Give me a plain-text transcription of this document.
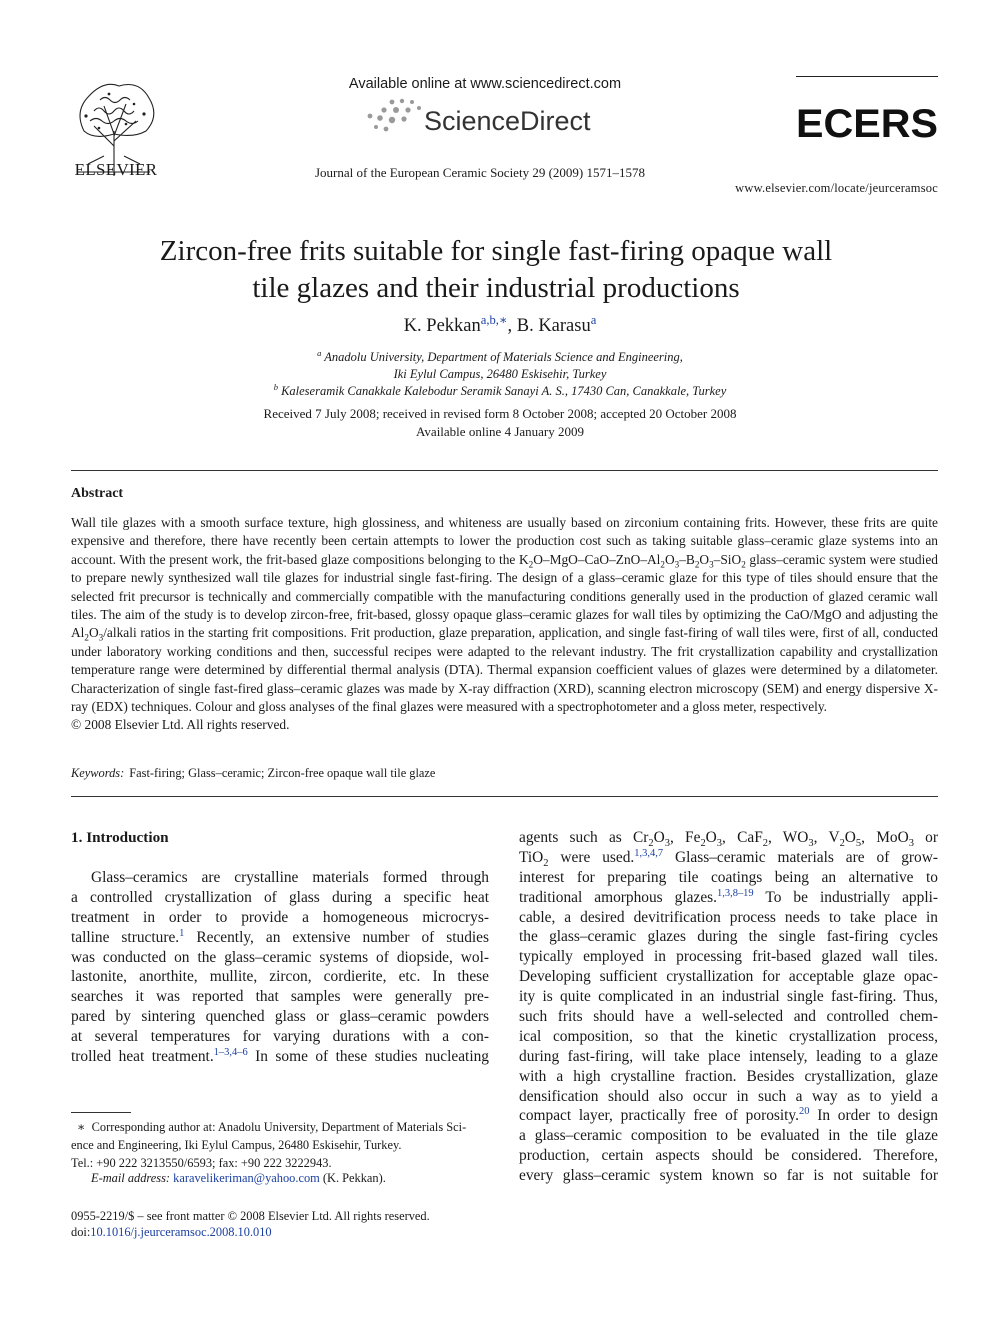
ELSEVIER
Available online at www.sciencedirect.com
ScienceDirect
Journal of the European Ceramic Society 29 (2009) 1571–1578
ECERS
www.elsevier.com/locate/jeurceramsoc
Zircon-free frits suitable for single fast-firing opaque wall
tile glazes and their industrial productions
K. Pekkan$^{a,b,∗}$, B. Karasu$^a$
$^a$ Anadolu University, Department of Materials Science and Engineering,
Iki Eylul Campus, 26480 Eskisehir, Turkey
$^b$ Kaleseramik Canakkale Kalebodur Seramik Sanayi A. S., 17430 Can, Canakkale, Turkey
Received 7 July 2008; received in revised form 8 October 2008; accepted 20 October 2008
Available online 4 January 2009
Abstract

Wall tile glazes with a smooth surface texture, high glossiness, and whiteness are usually based on zirconium containing frits. However, these frits are quite expensive and therefore, there have recently been certain attempts to lower the production cost such as taking suitable glass–ceramic glaze systems into an account. With the present work, the frit-based glaze compositions belonging to the $K_2O-MgO-CaO-ZnO-Al_2O_3-B_2O_3-SiO_2$ glass–ceramic system were studied to prepare newly synthesized wall tile glazes for industrial single fast-firing. The design of a glass–ceramic glaze for this type of tiles should ensure that the selected frit precursor is technically and commercially compatible with the manufacturing conditions generally used in the production of glazed ceramic wall tiles. The aim of the study is to develop zircon-free, frit-based, glossy opaque glass–ceramic glazes for wall tiles by optimizing the CaO/MgO and adjusting the $Al_2O_3$/alkali ratios in the starting frit compositions. Frit production, glaze preparation, application, and single fast-firing of wall tiles were, first of all, conducted under laboratory working conditions and then, successful recipes were adapted to the relevant industry. The frit crystallization capability and crystallization temperature range were determined by differential thermal analysis (DTA). Thermal expansion coefficient values of glazes were determined by a dilatometer. Characterization of single fast-fired glass–ceramic glazes was made by X-ray diffraction (XRD), scanning electron microscopy (SEM) and energy dispersive X-ray (EDX) techniques. Colour and gloss analyses of the final glazes were measured with a spectrophotometer and a gloss meter, respectively.

© 2008 Elsevier Ltd. All rights reserved.

Keywords: Fast-firing; Glass–ceramic; Zircon-free opaque wall tile glaze
1. Introduction
Glass–ceramics are crystalline materials formed through
a controlled crystallization of glass during a specific heat
treatment in order to provide a homogeneous microcrys-
talline structure.$^1$ Recently, an extensive number of studies
was conducted on the glass–ceramic systems of diopside, wol-
lastonite, anorthite, mullite, zircon, cordierite, etc. In these
searches it was reported that samples were generally pre-
pared by sintering quenched glass or glass–ceramic powders
at several temperatures for varying durations with a con-
trolled heat treatment.$^{1-3,4-6}$ In some of these studies nucleating
agents such as $Cr_2O_3$, $Fe_2O_3$, CaF$_2$, $WO_3$, $V_2O_5$, MoO$_3$ or
TiO$_2$ were used.$^{1,3,4,7}$ Glass–ceramic materials are of grow-
interest for preparing tile coatings being an alternative to
traditional amorphous glazes.$^{1,3,8-19}$ To be industrially appli-
cable, a desired devitrification process needs to take place in
the glass–ceramic glazes during the single fast-firing cycles
typically employed in processing frit-based glazed wall tiles.
Developing sufficient crystallization for acceptable glaze opac-
ity is quite complicated in an industrial single fast-firing. Thus,
such frits should have a well-selected and controlled chem-
ical composition, so that the kinetic crystallization process,
during fast-firing, will take place intensely, leading to a glaze
with a high crystalline fraction. Besides crystallization, glaze
densification should also occur in such a way as to yield a
compact layer, practically free of porosity.$^{20}$ In order to design
a glass–ceramic composition to be evaluated in the tile glaze
production, certain aspects should be considered. Therefore,
every glass–ceramic system known so far is not suitable for
∗ Corresponding author at: Anadolu University, Department of Materials Sci-
ence and Engineering, Iki Eylul Campus, 26480 Eskisehir, Turkey.
Tel.: +90 222 3213550/6593; fax: +90 222 3222943.
E-mail address: karavelikeriman@yahoo.com (K. Pekkan).
0955-2219/$ – see front matter © 2008 Elsevier Ltd. All rights reserved.
doi:10.1016/j.jeurceramsoc.2008.10.010
